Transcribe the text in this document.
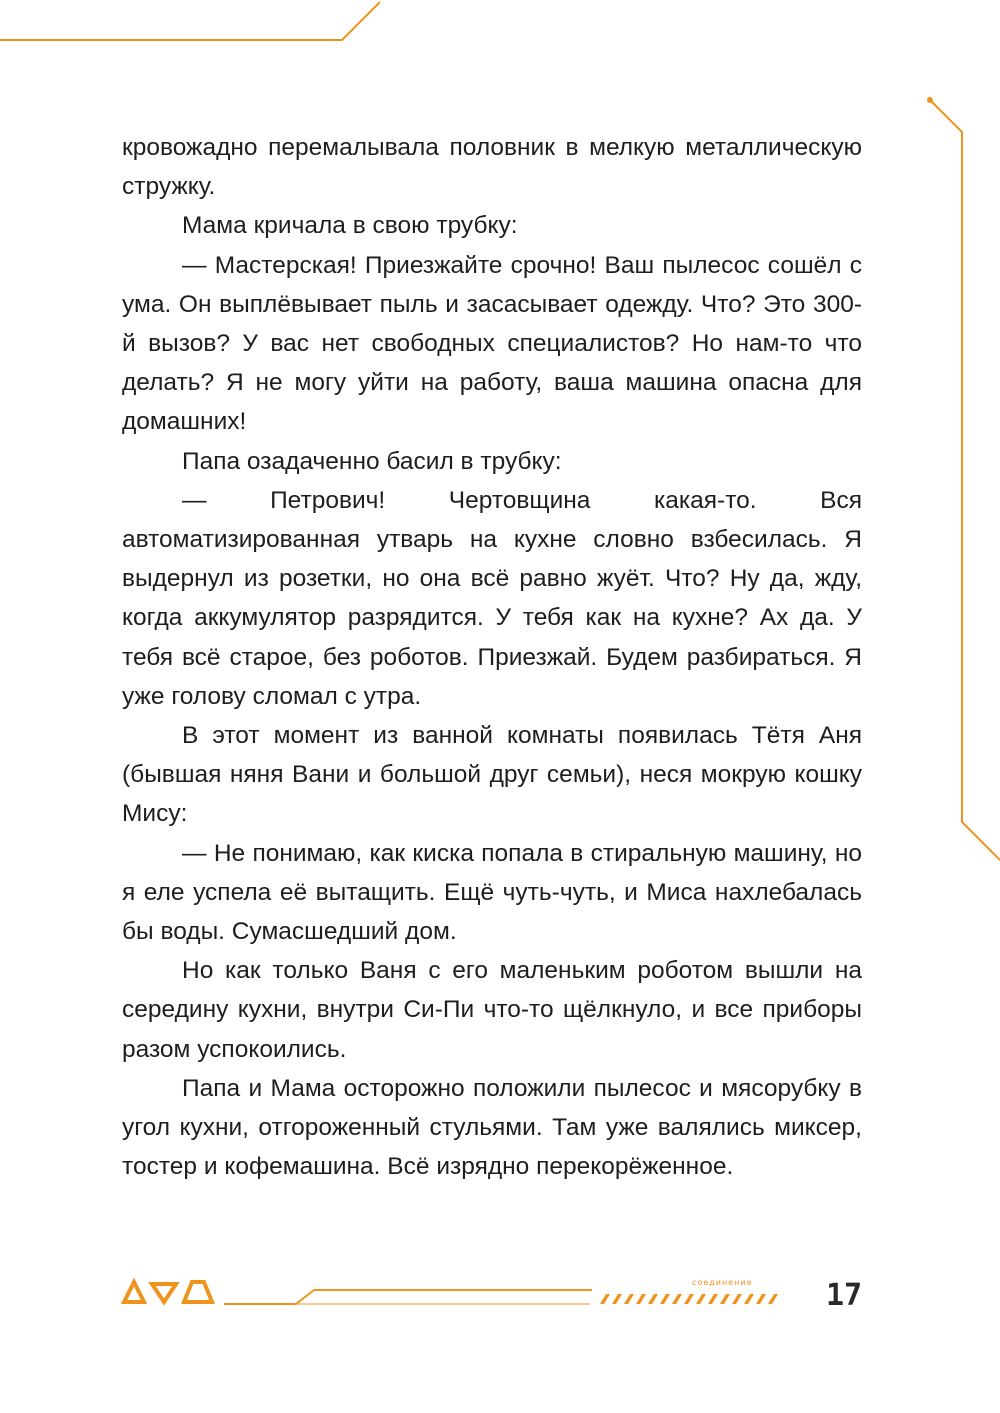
кровожадно перемалывала половник в мелкую металлическую стружку.

Мама кричала в свою трубку:

— Мастерская! Приезжайте срочно! Ваш пылесос сошёл с ума. Он выплёвывает пыль и засасывает одежду. Что? Это 300-й вызов? У вас нет свободных специалистов? Но нам-то что делать? Я не могу уйти на работу, ваша машина опасна для домашних!

Папа озадаченно басил в трубку:

— Петрович! Чертовщина какая-то. Вся автоматизированная утварь на кухне словно взбесилась. Я выдернул из розетки, но она всё равно жуёт. Что? Ну да, жду, когда аккумулятор разрядится. У тебя как на кухне? Ах да. У тебя всё старое, без роботов. Приезжай. Будем разбираться. Я уже голову сломал с утра.

В этот момент из ванной комнаты появилась Тётя Аня (бывшая няня Вани и большой друг семьи), неся мокрую кошку Мису:

— Не понимаю, как киска попала в стиральную машину, но я еле успела её вытащить. Ещё чуть-чуть, и Миса нахлебалась бы воды. Сумасшедший дом.

Но как только Ваня с его маленьким роботом вышли на середину кухни, внутри Си-Пи что-то щёлкнуло, и все приборы разом успокоились.

Папа и Мама осторожно положили пылесос и мясорубку в угол кухни, отгороженный стульями. Там уже валялись миксер, тостер и кофемашина. Всё изрядно перекорёженное.

соединение 17
